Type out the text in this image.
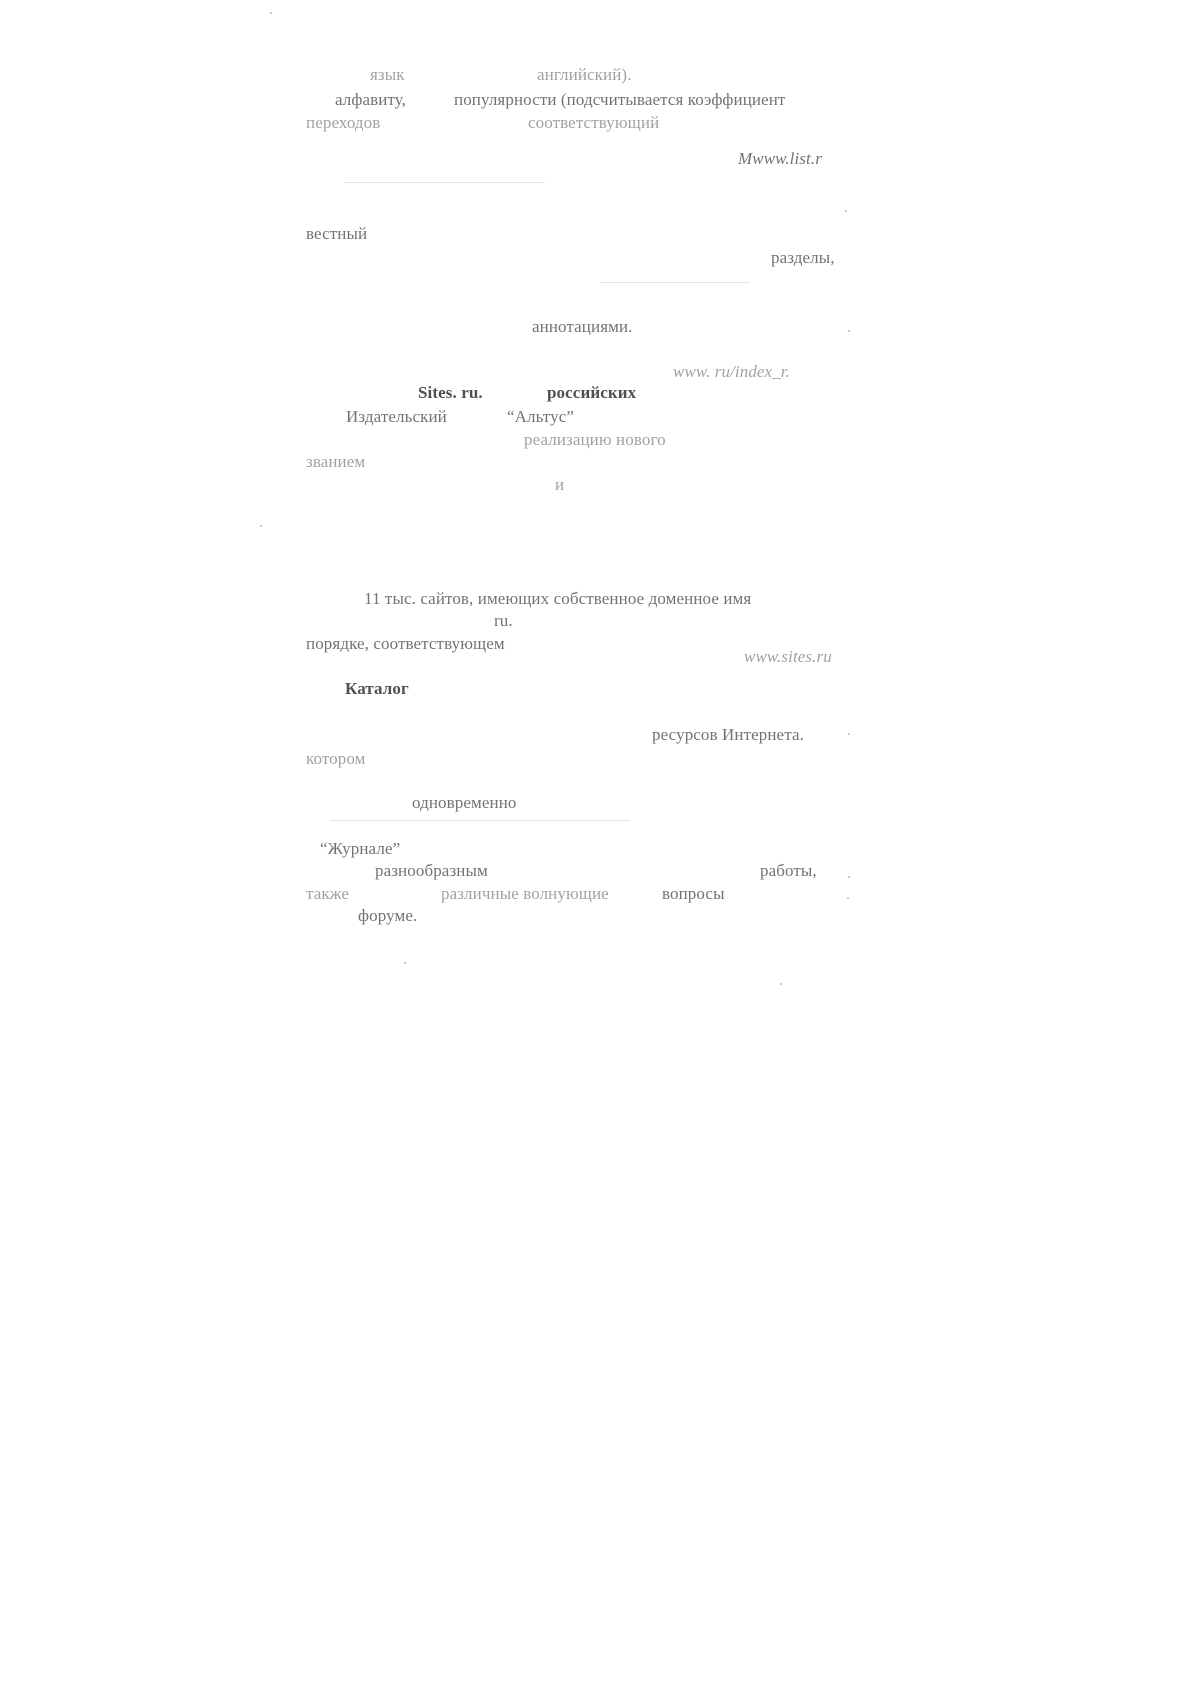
язык	английский).
алфавиту,	популярности (подсчитывается коэффициент
переходов	соответствующий
Mwww.list.r
вестный
разделы,
аннотациями.
www. ru/index_r.
Sites. ru.	российских
Издательский	“Альтус”
реализацию нового
званием
и
11 тыс. сайтов, имеющих собственное доменное имя
ru.
порядке, соответствующем
www.sites.ru
Каталог
ресурсов Интернета.
котором
одновременно
“Журнале”
разнообразным	работы,
также	различные волнующие	вопросы
форуме.
